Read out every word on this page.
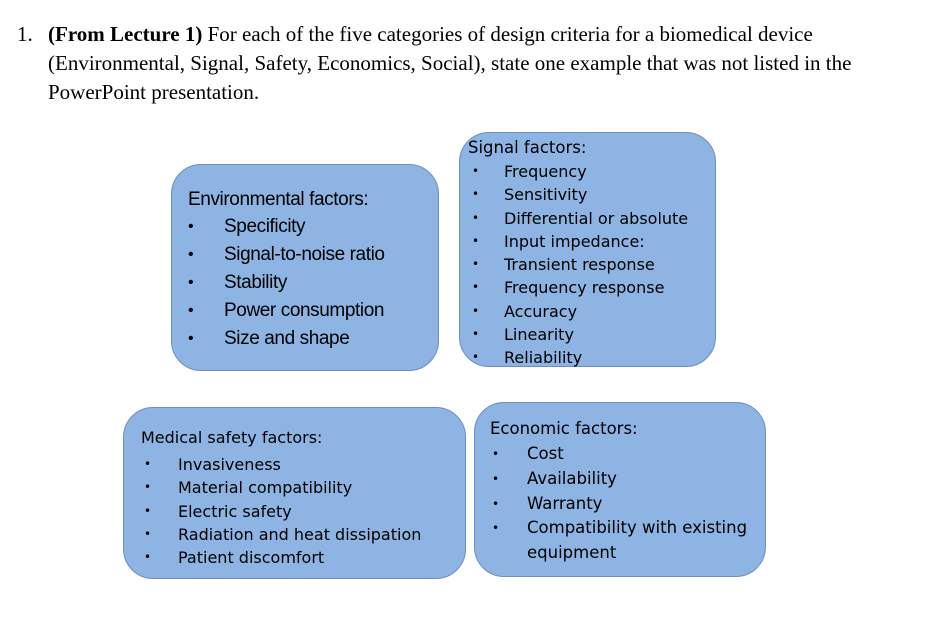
1. (From Lecture 1) For each of the five categories of design criteria for a biomedical device (Environmental, Signal, Safety, Economics, Social), state one example that was not listed in the PowerPoint presentation.
Environmental factors:
• Specificity
• Signal-to-noise ratio
• Stability
• Power consumption
• Size and shape
Signal factors:
• Frequency
• Sensitivity
• Differential or absolute
• Input impedance:
• Transient response
• Frequency response
• Accuracy
• Linearity
• Reliability
Medical safety factors:
• Invasiveness
• Material compatibility
• Electric safety
• Radiation and heat dissipation
• Patient discomfort
Economic factors:
• Cost
• Availability
• Warranty
• Compatibility with existing equipment
